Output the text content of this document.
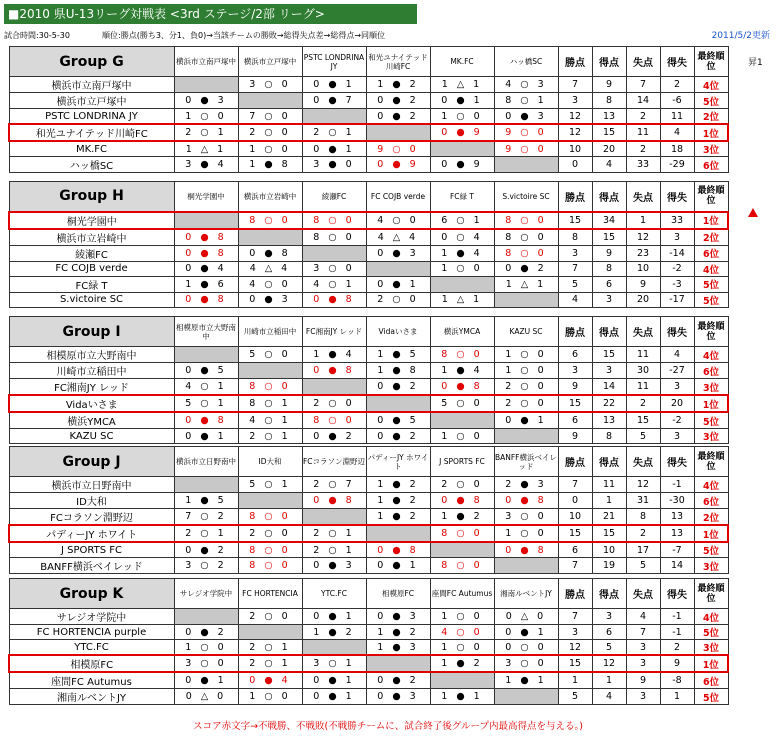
■2010 県U-13リーグ対戦表 <3rd ステージ/2部 リーグ>
試合時間:30-5-30	順位:勝点(勝ち3、分1、負0)→当該チームの勝敗→総得失点差→総得点→同順位	2011/5/2更新
昇1
Group G	横浜市立南戸塚中	横浜市立戸塚中	PSTC LONDRINA JY	和光ユナイテッド川崎FC	MK.FC	ハッ橋SC	勝点	得点	失点	得失	最終順位
横浜市立南戸塚中		3 ○ 0	0 ● 1	1 ● 2	1 △ 1	4 ○ 3	7	9	7	2	4位
横浜市立戸塚中	0 ● 3		0 ● 7	0 ● 2	0 ● 1	8 ○ 1	3	8	14	-6	5位
PSTC LONDRINA JY	1 ○ 0	7 ○ 0		0 ● 2	1 ○ 0	0 ● 3	12	13	2	11	2位
和光ユナイテッド川崎FC	2 ○ 1	2 ○ 0	2 ○ 1		0 ● 9	9 ○ 0	12	15	11	4	1位
MK.FC	1 △ 1	1 ○ 0	0 ● 1	9 ○ 0		9 ○ 0	10	20	2	18	3位
ハッ橋SC	3 ● 4	1 ● 8	3 ● 0	0 ● 9	0 ● 9		0	4	33	-29	6位
Group H	桐光学園中	横浜市立岩崎中	綾瀬FC	FC COJB verde	FC緑 T	S.victoire SC	勝点	得点	失点	得失	最終順位
桐光学園中		8 ○ 0	8 ○ 0	4 ○ 0	6 ○ 1	8 ○ 0	15	34	1	33	1位
横浜市立岩崎中	0 ● 8		8 ○ 0	4 △ 4	0 ○ 4	8 ○ 0	8	15	12	3	2位
綾瀬FC	0 ● 8	0 ● 8		0 ● 3	1 ● 4	8 ○ 0	3	9	23	-14	6位
FC COJB verde	0 ● 4	4 △ 4	3 ○ 0		1 ○ 0	0 ● 2	7	8	10	-2	4位
FC緑 T	1 ● 6	4 ○ 0	4 ○ 1	0 ● 1		1 △ 1	5	6	9	-3	5位
S.victoire SC	0 ● 8	0 ● 3	0 ● 8	2 ○ 0	1 △ 1		4	3	20	-17	5位
Group I	相模原市立大野南中	川崎市立稲田中	FC湘南JY レッド	Vidaいさま	横浜YMCA	KAZU SC	勝点	得点	失点	得失	最終順位
相模原市立大野南中		5 ○ 0	1 ● 4	1 ● 5	8 ○ 0	1 ○ 0	6	15	11	4	4位
川崎市立稲田中	0 ● 5		0 ● 8	1 ● 8	1 ● 4	1 ○ 0	3	3	30	-27	6位
FC湘南JY レッド	4 ○ 1	8 ○ 0		0 ● 2	0 ● 8	2 ○ 0	9	14	11	3	3位
Vidaいさま	5 ○ 1	8 ○ 1	2 ○ 0		5 ○ 0	2 ○ 0	15	22	2	20	1位
横浜YMCA	0 ● 8	4 ○ 1	8 ○ 0	0 ● 5		0 ● 1	6	13	15	-2	5位
KAZU SC	0 ● 1	2 ○ 1	0 ● 2	0 ● 2	1 ○ 0		9	8	5	3	3位
Group J	横浜市立日野南中	ID大和	FCコラソン淵野辺	パディーJY ホワイト	J SPORTS FC	BANFF横浜ベイレッド	勝点	得点	失点	得失	最終順位
横浜市立日野南中		5 ○ 1	2 ○ 7	1 ● 2	2 ○ 0	2 ● 3	7	11	12	-1	4位
ID大和	1 ● 5		0 ● 8	1 ● 2	0 ● 8	0 ● 8	0	1	31	-30	6位
FCコラソン淵野辺	7 ○ 2	8 ○ 0		1 ● 2	1 ● 2	3 ○ 0	10	21	8	13	2位
パディーJY ホワイト	2 ○ 1	2 ○ 0	2 ○ 1		8 ○ 0	1 ○ 0	15	15	2	13	1位
J SPORTS FC	0 ● 2	8 ○ 0	2 ○ 1	0 ● 8		0 ● 8	6	10	17	-7	5位
BANFF横浜ベイレッド	3 ○ 2	8 ○ 0	0 ● 3	0 ● 1	8 ○ 0		7	19	5	14	3位
Group K	サレジオ学院中	FC HORTENCIA	YTC.FC	相模原FC	座間FC Autumus	湘南ルベントJY	勝点	得点	失点	得失	最終順位
サレジオ学院中		2 ○ 0	0 ● 1	0 ● 3	1 ○ 0	0 △ 0	7	3	4	-1	4位
FC HORTENCIA purple	0 ● 2		1 ● 2	1 ● 2	4 ○ 0	0 ● 1	3	6	7	-1	5位
YTC.FC	1 ○ 0	2 ○ 1		1 ● 3	1 ○ 0	0 ○ 0	12	5	3	2	3位
相模原FC	3 ○ 0	2 ○ 1	3 ○ 1		1 ● 2	3 ○ 0	15	12	3	9	1位
座間FC Autumus	0 ● 1	0 ● 4	0 ● 1	0 ● 2		1 ● 1	1	1	9	-8	6位
湘南ルベントJY	0 △ 0	1 ○ 0	0 ● 1	0 ● 3	1 ● 1		5	4	3	1	5位
スコア赤文字→不戦勝、不戦敗(不戦勝チームに、試合終了後グループ内最高得点を与える。)
